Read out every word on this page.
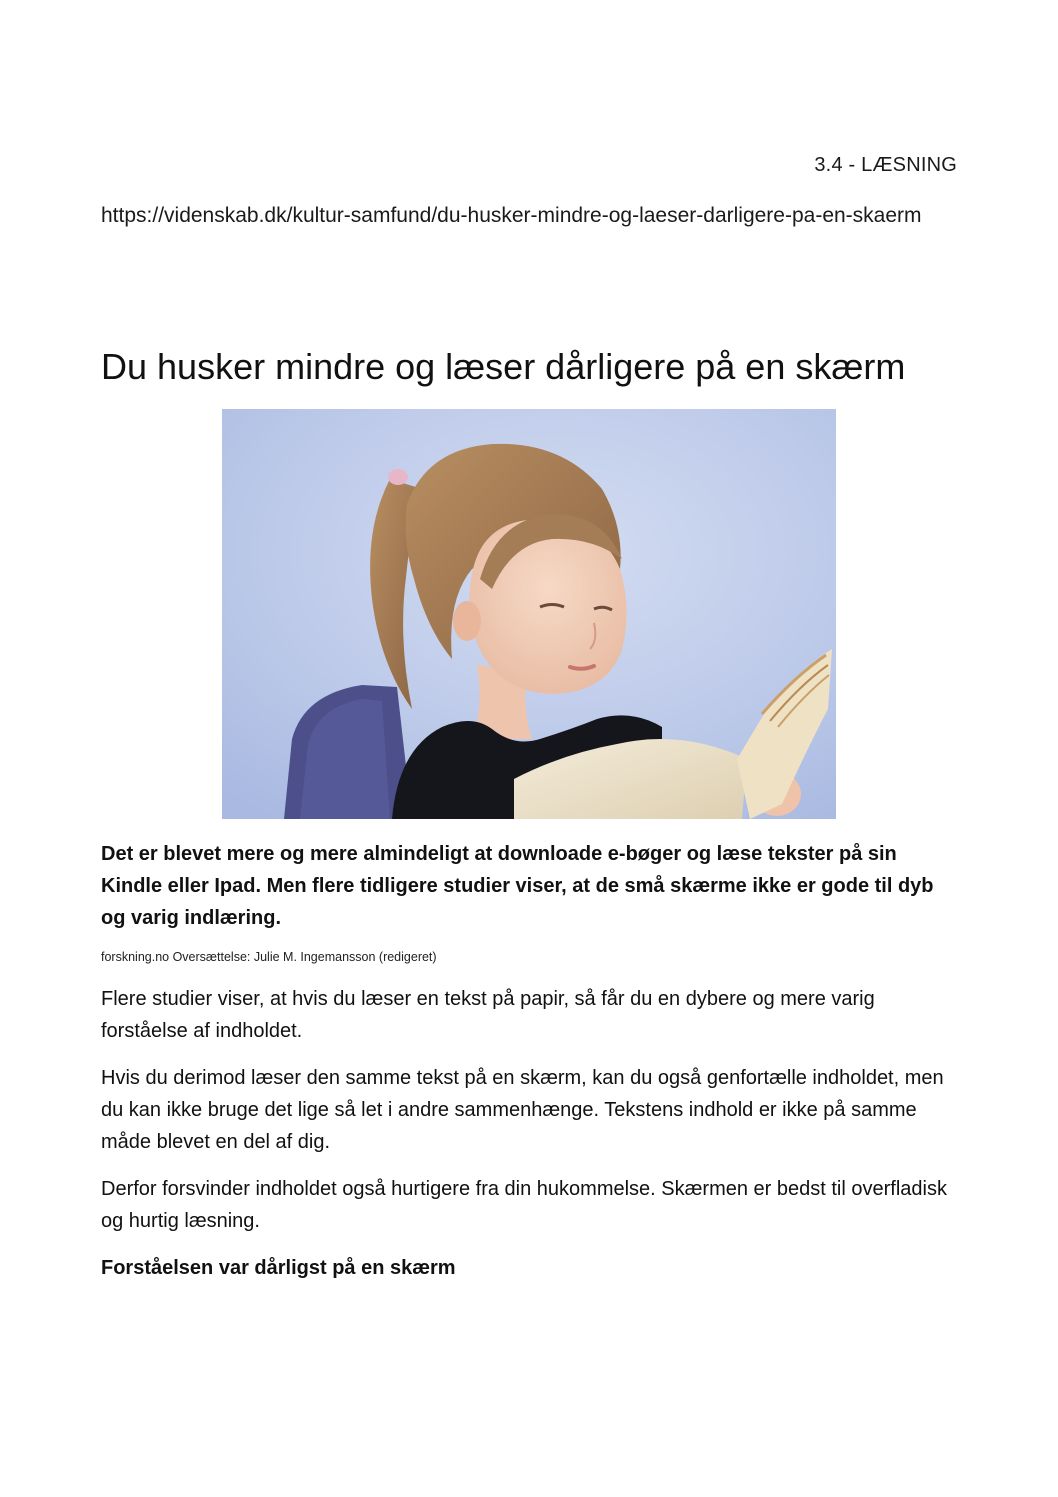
3.4 - LÆSNING
https://videnskab.dk/kultur-samfund/du-husker-mindre-og-laeser-darligere-pa-en-skaerm
Du husker mindre og læser dårligere på en skærm

Det er blevet mere og mere almindeligt at downloade e-bøger og læse tekster på sin Kindle eller Ipad. Men flere tidligere studier viser, at de små skærme ikke er gode til dyb og varig indlæring.

forskning.no Oversættelse: Julie M. Ingemansson (redigeret)

Flere studier viser, at hvis du læser en tekst på papir, så får du en dybere og mere varig forståelse af indholdet.

Hvis du derimod læser den samme tekst på en skærm, kan du også genfortælle indholdet, men du kan ikke bruge det lige så let i andre sammenhænge. Tekstens indhold er ikke på samme måde blevet en del af dig.

Derfor forsvinder indholdet også hurtigere fra din hukommelse. Skærmen er bedst til overfladisk og hurtig læsning.

Forståelsen var dårligst på en skærm
